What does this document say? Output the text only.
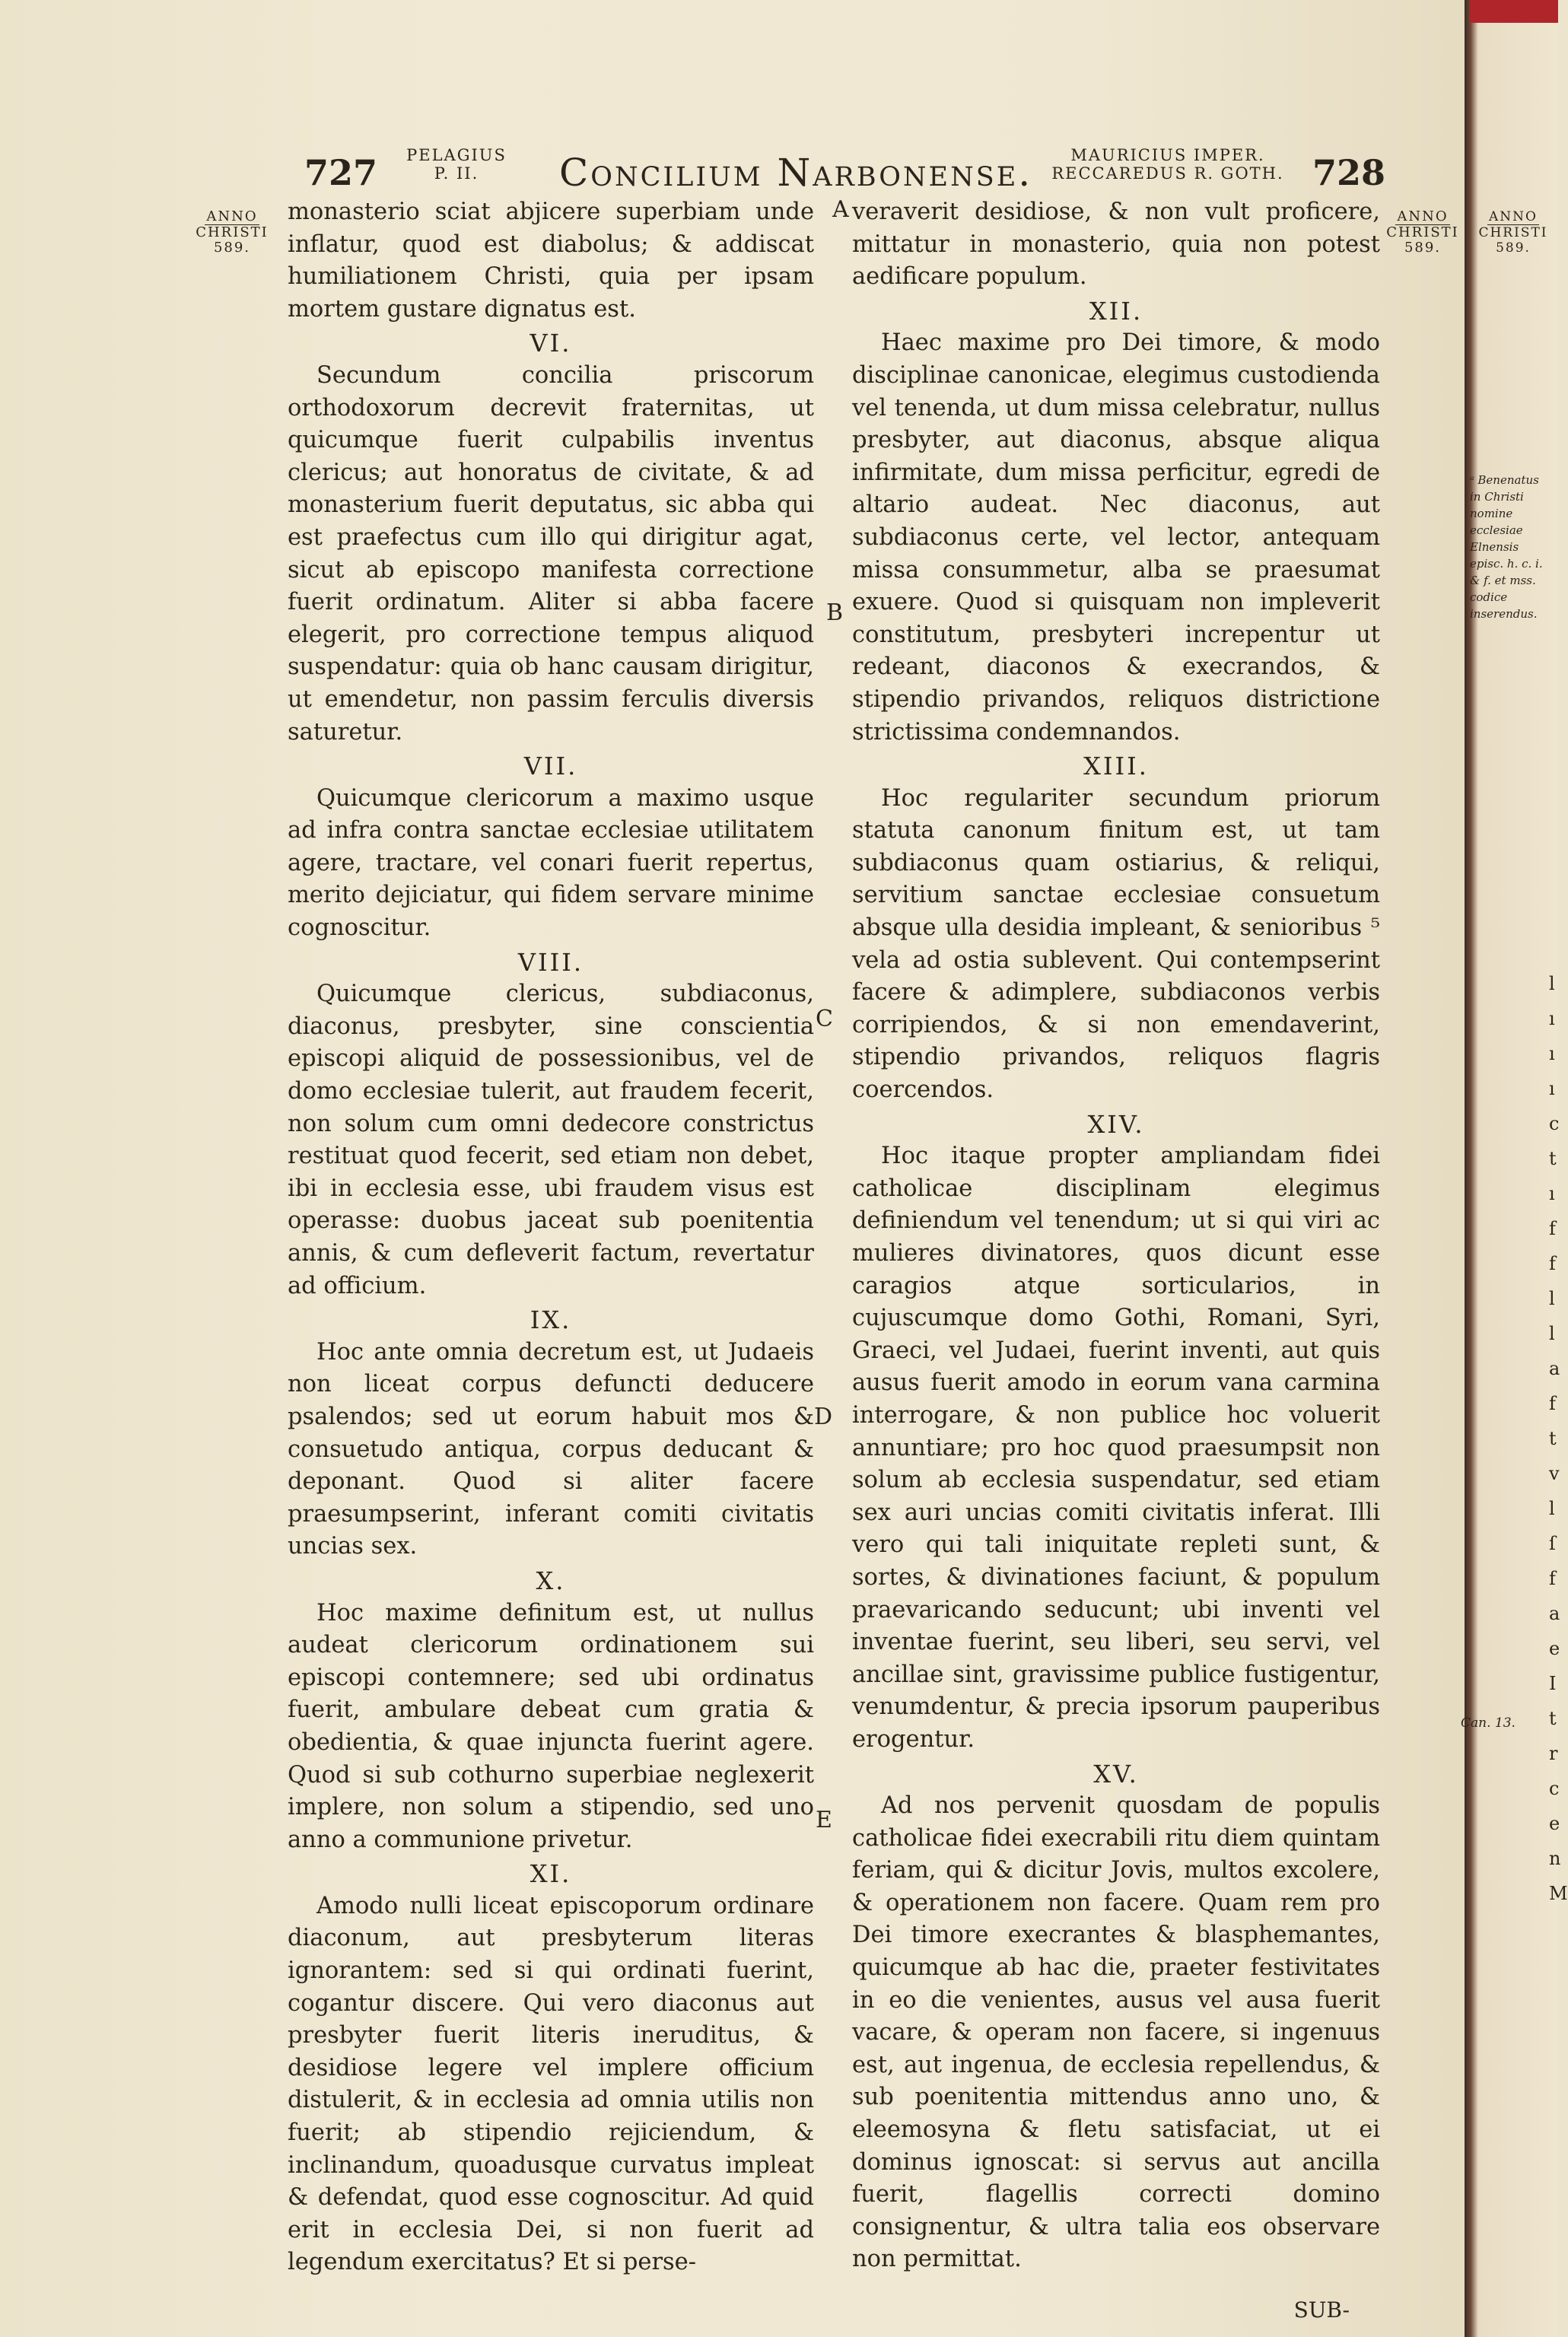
727 PELAGIUS
P. II.	Concilium Narbonense.	MAURICIUS IMPER.
RECCAREDUS R. GOTH. 728
ANNO
CHRISTI
589.
ANNO
CHRISTI
589.
ANNO
CHRISTI
589.

monasterio sciat abjicere superbiam unde inflatur, quod est diabolus; & addiscat humiliationem Christi, quia per ipsam mortem gustare dignatus est.

VI.

Secundum concilia priscorum orthodoxorum decrevit fraternitas, ut quicumque fuerit culpabilis inventus clericus; aut honoratus de civitate, & ad monasterium fuerit deputatus, sic abba qui est praefectus cum illo qui dirigitur agat, sicut ab episcopo manifesta correctione fuerit ordinatum. Aliter si abba facere elegerit, pro correctione tempus aliquod suspendatur: quia ob hanc causam dirigitur, ut emendetur, non passim ferculis diversis saturetur.

VII.

Quicumque clericorum a maximo usque ad infra contra sanctae ecclesiae utilitatem agere, tractare, vel conari fuerit repertus, merito dejiciatur, qui fidem servare minime cognoscitur.

VIII.

Quicumque clericus, subdiaconus, diaconus, presbyter, sine conscientia episcopi aliquid de possessionibus, vel de domo ecclesiae tulerit, aut fraudem fecerit, non solum cum omni dedecore constrictus restituat quod fecerit, sed etiam non debet, ibi in ecclesia esse, ubi fraudem visus est operasse: duobus jaceat sub poenitentia annis, & cum defleverit factum, revertatur ad officium.

IX.

Hoc ante omnia decretum est, ut Judaeis non liceat corpus defuncti deducere psalendos; sed ut eorum habuit mos & consuetudo antiqua, corpus deducant & deponant. Quod si aliter facere praesumpserint, inferant comiti civitatis uncias sex.

X.

Hoc maxime definitum est, ut nullus audeat clericorum ordinationem sui episcopi contemnere; sed ubi ordinatus fuerit, ambulare debeat cum gratia & obedientia, & quae injuncta fuerint agere. Quod si sub cothurno superbiae neglexerit implere, non solum a stipendio, sed uno anno a communione privetur.

XI.

Amodo nulli liceat episcoporum ordinare diaconum, aut presbyterum literas ignorantem: sed si qui ordinati fuerint, cogantur discere. Qui vero diaconus aut presbyter fuerit literis ineruditus, & desidiose legere vel implere officium distulerit, & in ecclesia ad omnia utilis non fuerit; ab stipendio rejiciendum, & inclinandum, quoadusque curvatus impleat & defendat, quod esse cognoscitur. Ad quid erit in ecclesia Dei, si non fuerit ad legendum exercitatus? Et si perse-

A
B
C
D
E

veraverit desidiose, & non vult proficere, mittatur in monasterio, quia non potest aedificare populum.

XII.

Haec maxime pro Dei timore, & modo disciplinae canonicae, elegimus custodienda vel tenenda, ut dum missa celebratur, nullus presbyter, aut diaconus, absque aliqua infirmitate, dum missa perficitur, egredi de altario audeat. Nec diaconus, aut subdiaconus certe, vel lector, antequam missa consummetur, alba se praesumat exuere. Quod si quisquam non impleverit constitutum, presbyteri increpentur ut redeant, diaconos & execrandos, & stipendio privandos, reliquos districtione strictissima condemnandos.

XIII.

Hoc regulariter secundum priorum statuta canonum finitum est, ut tam subdiaconus quam ostiarius, & reliqui, servitium sanctae ecclesiae consuetum absque ulla desidia impleant, & senioribus ⁵ vela ad ostia sublevent. Qui contempserint facere & adimplere, subdiaconos verbis corripiendos, & si non emendaverint, stipendio privandos, reliquos flagris coercendos.

XIV.

Hoc itaque propter ampliandam fidei catholicae disciplinam elegimus definiendum vel tenendum; ut si qui viri ac mulieres divinatores, quos dicunt esse caragios atque sorticularios, in cujuscumque domo Gothi, Romani, Syri, Graeci, vel Judaei, fuerint inventi, aut quis ausus fuerit amodo in eorum vana carmina interrogare, & non publice hoc voluerit annuntiare; pro hoc quod praesumpsit non solum ab ecclesia suspendatur, sed etiam sex auri uncias comiti civitatis inferat. Illi vero qui tali iniquitate repleti sunt, & sortes, & divinationes faciunt, & populum praevaricando seducunt; ubi inventi vel inventae fuerint, seu liberi, seu servi, vel ancillae sint, gravissime publice fustigentur, venumdentur, & precia ipsorum pauperibus erogentur.

XV.

Ad nos pervenit quosdam de populis catholicae fidei execrabili ritu diem quintam feriam, qui & dicitur Jovis, multos excolere, & operationem non facere. Quam rem pro Dei timore execrantes & blasphemantes, quicumque ab hac die, praeter festivitates in eo die venientes, ausus vel ausa fuerit vacare, & operam non facere, si ingenuus est, aut ingenua, de ecclesia repellendus, & sub poenitentia mittendus anno uno, & eleemosyna & fletu satisfaciat, ut ei dominus ignoscat: si servus aut ancilla fuerit, flagellis correcti domino consignentur, & ultra talia eos observare non permittat.

SUB-
ᵃ Benenatus in Christi nomine ecclesiae Elnensis episc. h. c. i. & f. et mss. codice inserendus.
Can. 13.
l ı ı ı c t ı f f l l a f t v l ſ f a e I t r c e n M
